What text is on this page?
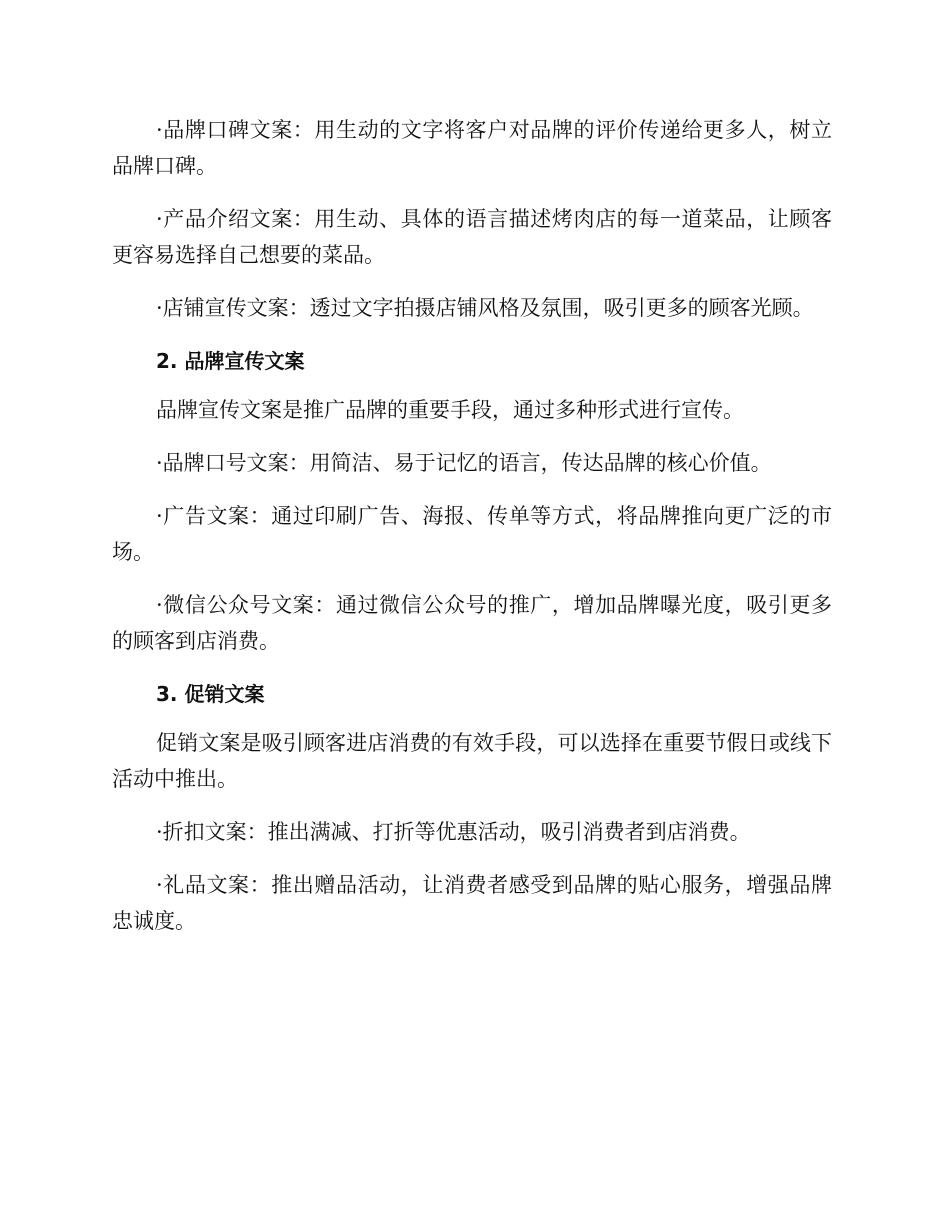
·品牌口碑文案：用生动的文字将客户对品牌的评价传递给更多人，树立品牌口碑。

·产品介绍文案：用生动、具体的语言描述烤肉店的每一道菜品，让顾客更容易选择自己想要的菜品。

·店铺宣传文案：透过文字拍摄店铺风格及氛围，吸引更多的顾客光顾。

2. 品牌宣传文案

品牌宣传文案是推广品牌的重要手段，通过多种形式进行宣传。

·品牌口号文案：用简洁、易于记忆的语言，传达品牌的核心价值。

·广告文案：通过印刷广告、海报、传单等方式，将品牌推向更广泛的市场。

·微信公众号文案：通过微信公众号的推广，增加品牌曝光度，吸引更多的顾客到店消费。

3. 促销文案

促销文案是吸引顾客进店消费的有效手段，可以选择在重要节假日或线下活动中推出。

·折扣文案：推出满减、打折等优惠活动，吸引消费者到店消费。

·礼品文案：推出赠品活动，让消费者感受到品牌的贴心服务，增强品牌忠诚度。
